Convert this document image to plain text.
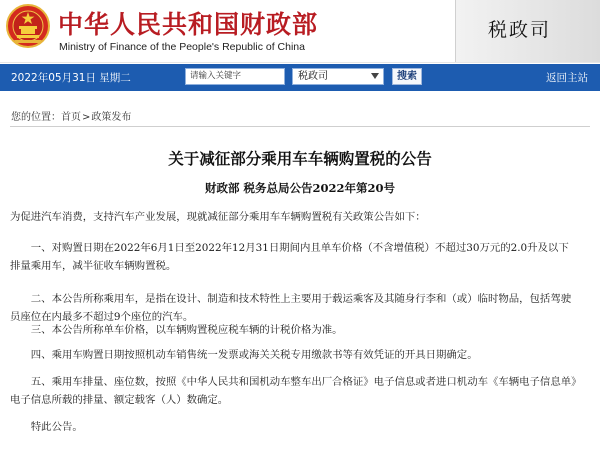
中华人民共和国财政部
Ministry of Finance of the People's Republic of China
税政司
2022年05月31日 星期二	请输入关键字	税政司	搜索	返回主站
您的位置：首页>政策发布
关于减征部分乘用车车辆购置税的公告
财政部 税务总局公告2022年第20号
为促进汽车消费，支持汽车产业发展，现就减征部分乘用车车辆购置税有关政策公告如下：
一、对购置日期在2022年6月1日至2022年12月31日期间内且单车价格（不含增值税）不超过30万元的2.0升及以下排量乘用车，减半征收车辆购置税。
二、本公告所称乘用车，是指在设计、制造和技术特性上主要用于载运乘客及其随身行李和（或）临时物品，包括驾驶员座位在内最多不超过9个座位的汽车。
三、本公告所称单车价格，以车辆购置税应税车辆的计税价格为准。
四、乘用车购置日期按照机动车销售统一发票或海关关税专用缴款书等有效凭证的开具日期确定。
五、乘用车排量、座位数，按照《中华人民共和国机动车整车出厂合格证》电子信息或者进口机动车《车辆电子信息单》电子信息所载的排量、额定载客（人）数确定。
特此公告。
